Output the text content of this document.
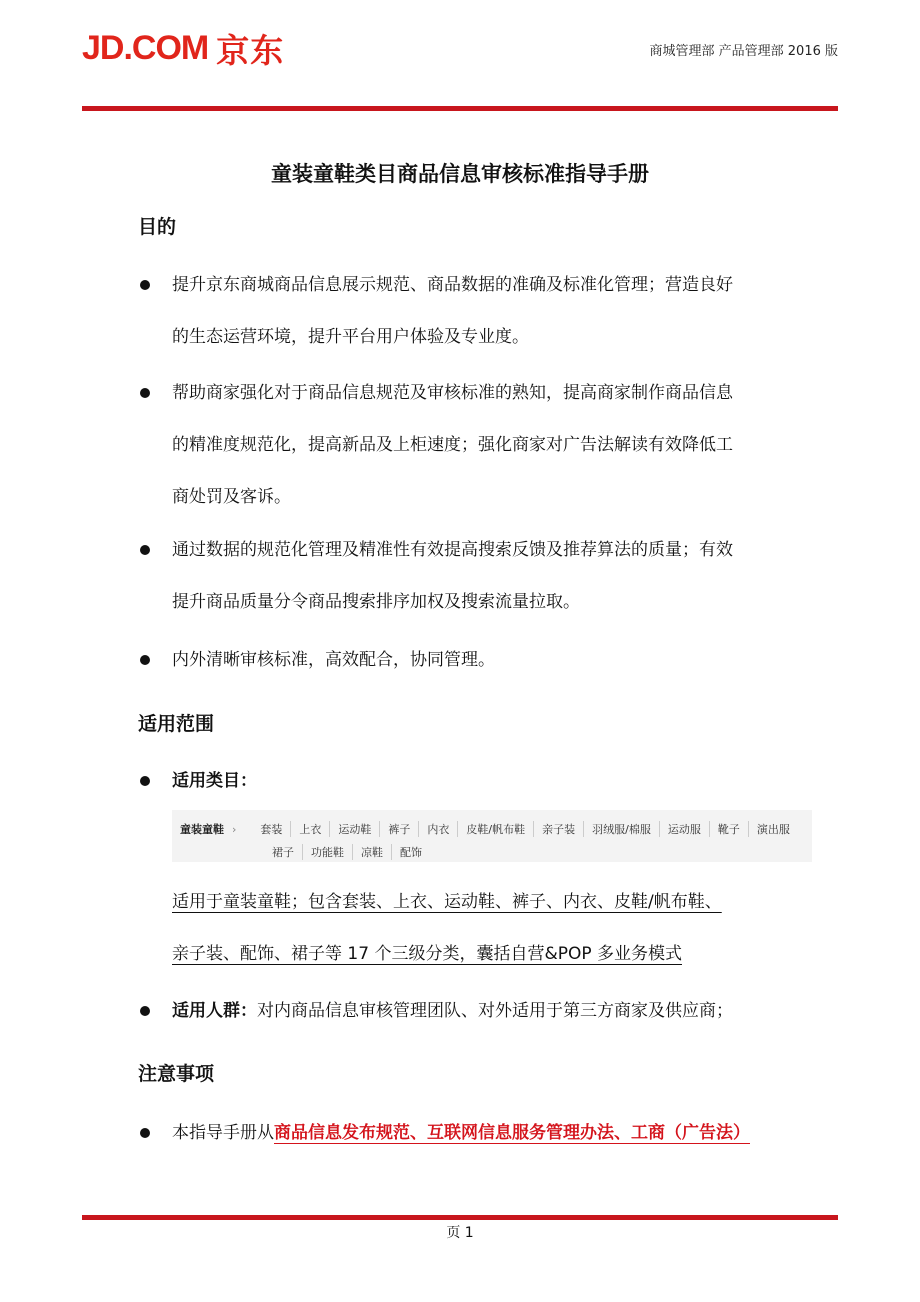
JD.COM 京东	商城管理部 产品管理部 2016 版
童装童鞋类目商品信息审核标准指导手册
目的
提升京东商城商品信息展示规范、商品数据的准确及标准化管理；营造良好
的生态运营环境，提升平台用户体验及专业度。
帮助商家强化对于商品信息规范及审核标准的熟知，提高商家制作商品信息
的精准度规范化，提高新品及上柜速度；强化商家对广告法解读有效降低工
商处罚及客诉。
通过数据的规范化管理及精准性有效提高搜索反馈及推荐算法的质量；有效
提升商品质量分令商品搜索排序加权及搜索流量拉取。
内外清晰审核标准，高效配合，协同管理。
适用范围
适用类目：
童装童鞋 ›	套装	上衣	运动鞋	裤子	内衣	皮鞋/帆布鞋	亲子装	羽绒服/棉服	运动服	靴子	演出服
裙子	功能鞋	凉鞋	配饰
适用于童装童鞋；包含套装、上衣、运动鞋、裤子、内衣、皮鞋/帆布鞋、
亲子装、配饰、裙子等 17 个三级分类，囊括自营&POP 多业务模式
适用人群：对内商品信息审核管理团队、对外适用于第三方商家及供应商；
注意事项
本指导手册从商品信息发布规范、互联网信息服务管理办法、工商（广告法）
页 1
